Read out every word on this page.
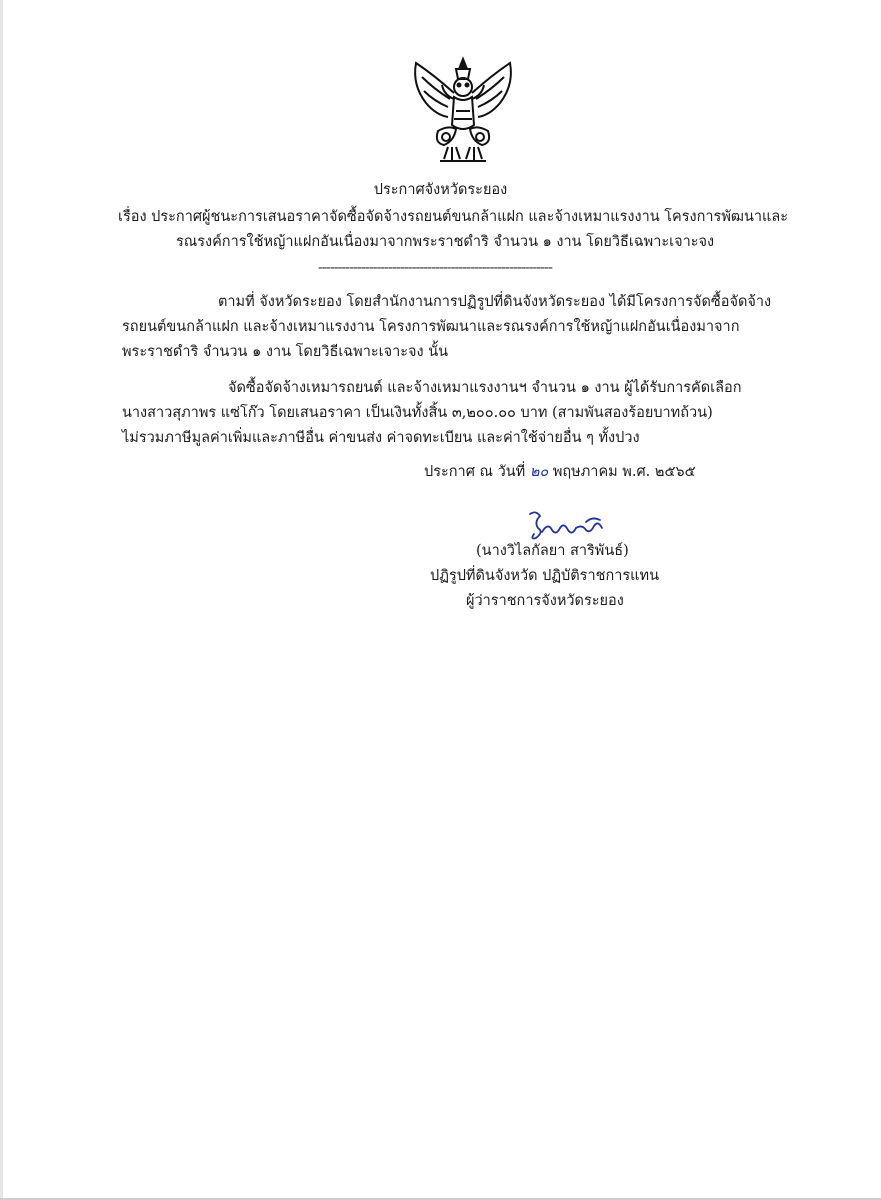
ประกาศจังหวัดระยอง
เรื่อง ประกาศผู้ชนะการเสนอราคาจัดซื้อจัดจ้างรถยนต์ขนกล้าแฝก และจ้างเหมาแรงงาน โครงการพัฒนาและ
รณรงค์การใช้หญ้าแฝกอันเนื่องมาจากพระราชดำริ จำนวน ๑ งาน โดยวิธีเฉพาะเจาะจง
------------------------------------------------------------
ตามที่ จังหวัดระยอง โดยสำนักงานการปฏิรูปที่ดินจังหวัดระยอง ได้มีโครงการจัดซื้อจัดจ้าง
รถยนต์ขนกล้าแฝก และจ้างเหมาแรงงาน โครงการพัฒนาและรณรงค์การใช้หญ้าแฝกอันเนื่องมาจาก
พระราชดำริ จำนวน ๑ งาน โดยวิธีเฉพาะเจาะจง นั้น
จัดซื้อจัดจ้างเหมารถยนต์ และจ้างเหมาแรงงานฯ จำนวน ๑ งาน ผู้ได้รับการคัดเลือก
นางสาวสุภาพร แซ่โก๊ว โดยเสนอราคา เป็นเงินทั้งสิ้น ๓,๒๐๐.๐๐ บาท (สามพันสองร้อยบาทถ้วน)
ไม่รวมภาษีมูลค่าเพิ่มและภาษีอื่น ค่าขนส่ง ค่าจดทะเบียน และค่าใช้จ่ายอื่น ๆ ทั้งปวง
ประกาศ ณ วันที่ ๒๐ พฤษภาคม พ.ศ. ๒๕๖๕
(นางวิไลกัลยา สาริพันธ์)
ปฏิรูปที่ดินจังหวัด ปฏิบัติราชการแทน
ผู้ว่าราชการจังหวัดระยอง
